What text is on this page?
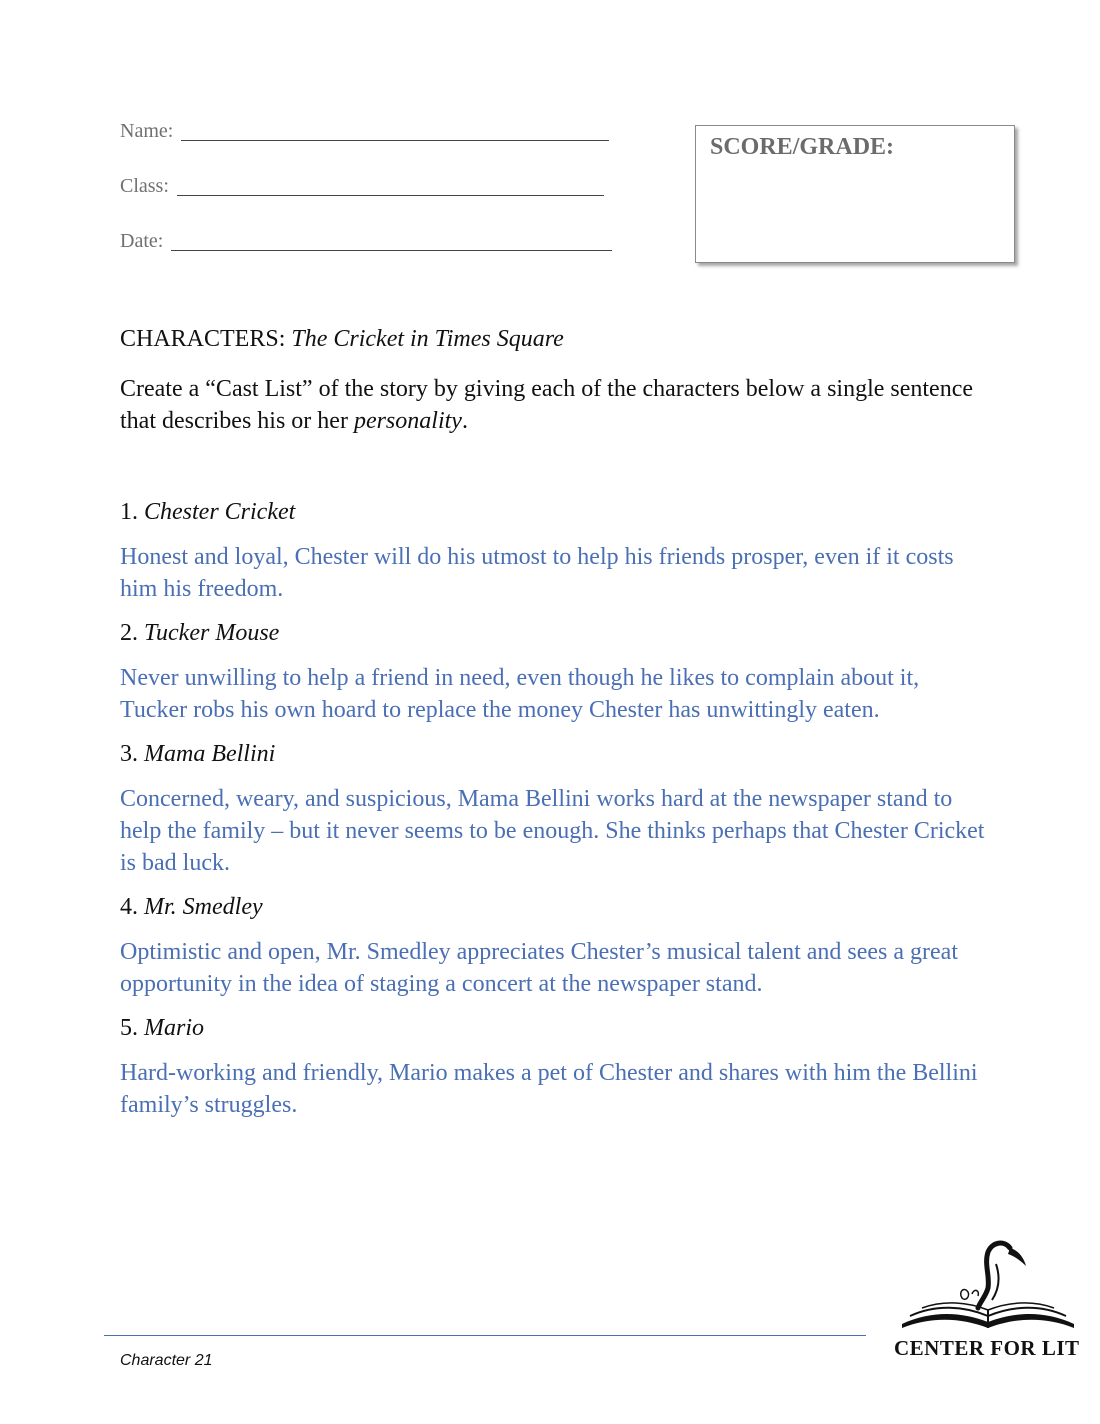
Name:
Class:
Date:
SCORE/GRADE:
CHARACTERS: The Cricket in Times Square
Create a “Cast List” of the story by giving each of the characters below a single sentence that describes his or her personality.
1. Chester Cricket
Honest and loyal, Chester will do his utmost to help his friends prosper, even if it costs him his freedom.
2. Tucker Mouse
Never unwilling to help a friend in need, even though he likes to complain about it, Tucker robs his own hoard to replace the money Chester has unwittingly eaten.
3. Mama Bellini
Concerned, weary, and suspicious, Mama Bellini works hard at the newspaper stand to help the family – but it never seems to be enough. She thinks perhaps that Chester Cricket is bad luck.
4. Mr. Smedley
Optimistic and open, Mr. Smedley appreciates Chester’s musical talent and sees a great opportunity in the idea of staging a concert at the newspaper stand.
5. Mario
Hard-working and friendly, Mario makes a pet of Chester and shares with him the Bellini family’s struggles.
Character 21
CENTER FOR LIT
